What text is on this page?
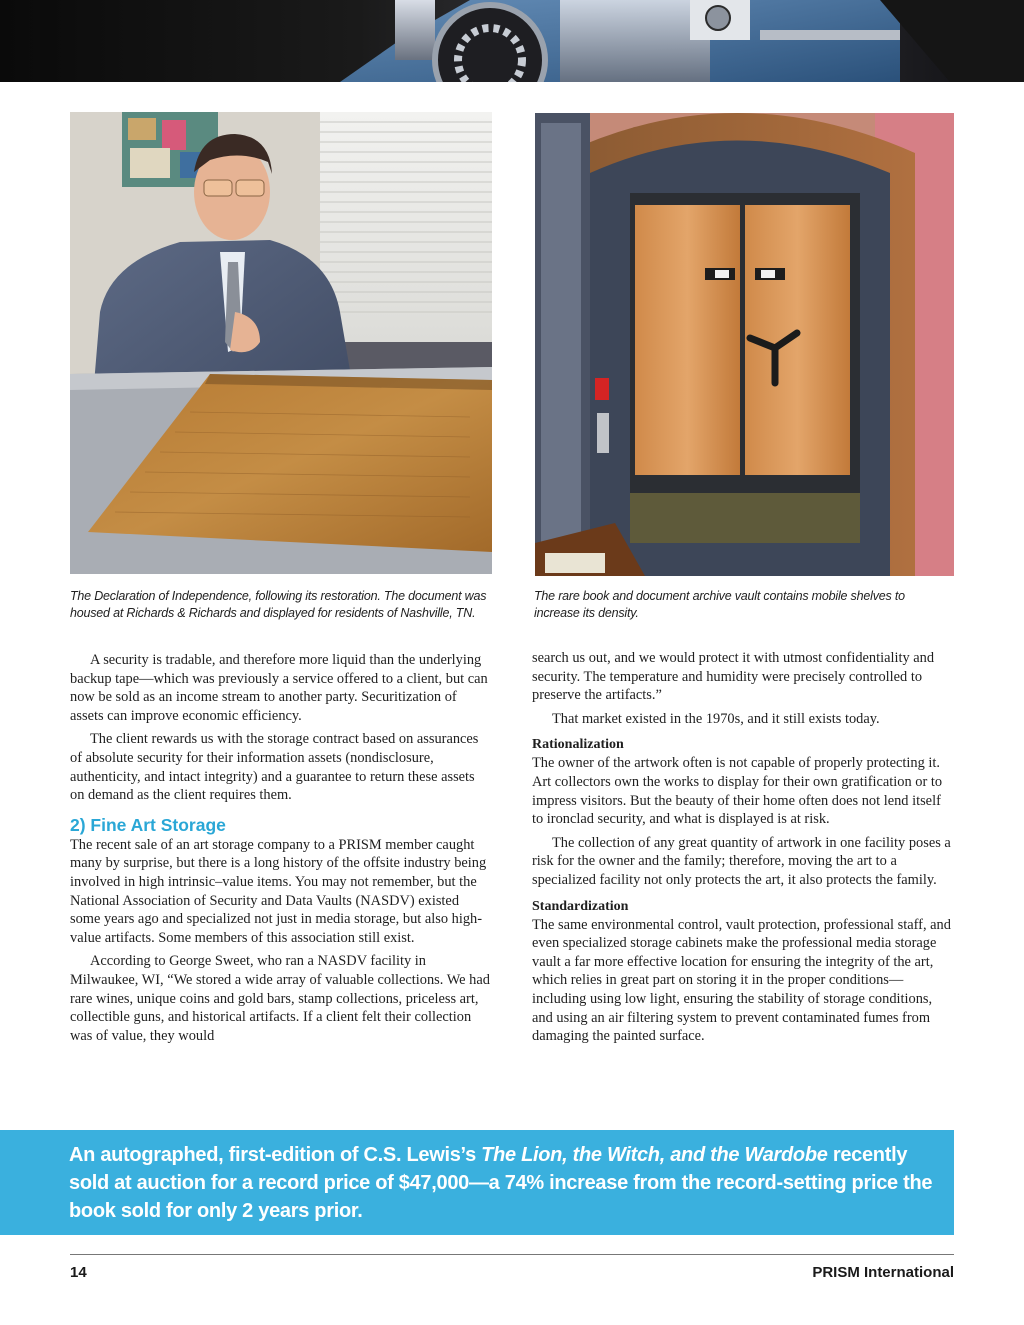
The Declaration of Independence, following its restoration. The document was housed at Richards & Richards and displayed for residents of Nashville, TN.
The rare book and document archive vault contains mobile shelves to increase its density.

A security is tradable, and therefore more liquid than the underlying backup tape—which was previously a service offered to a client, but can now be sold as an income stream to another party. Securitization of assets can improve economic efficiency.

The client rewards us with the storage contract based on assurances of absolute security for their information assets (nondisclosure, authenticity, and intact integrity) and a guarantee to return these assets on demand as the client requires them.

2) Fine Art Storage

The recent sale of an art storage company to a PRISM member caught many by surprise, but there is a long history of the offsite industry being involved in high intrinsic–value items. You may not remember, but the National Association of Security and Data Vaults (NASDV) existed some years ago and specialized not just in media storage, but also high-value artifacts. Some members of this association still exist.

According to George Sweet, who ran a NASDV facility in Milwaukee, WI, “We stored a wide array of valuable collections. We had rare wines, unique coins and gold bars, stamp collections, priceless art, collectible guns, and historical artifacts. If a client felt their collection was of value, they would

search us out, and we would protect it with utmost confidentiality and security. The temperature and humidity were precisely controlled to preserve the artifacts.”

That market existed in the 1970s, and it still exists today.

Rationalization

The owner of the artwork often is not capable of properly protecting it. Art collectors own the works to display for their own gratification or to impress visitors. But the beauty of their home often does not lend itself to ironclad security, and what is displayed is at risk.

The collection of any great quantity of artwork in one facility poses a risk for the owner and the family; therefore, moving the art to a specialized facility not only protects the art, it also protects the family.

Standardization

The same environmental control, vault protection, professional staff, and even specialized storage cabinets make the professional media storage vault a far more effective location for ensuring the integrity of the art, which relies in great part on storing it in the proper conditions—including using low light, ensuring the stability of storage conditions, and using an air filtering system to prevent contaminated fumes from damaging the painted surface.

An autographed, first-edition of C.S. Lewis’s The Lion, the Witch, and the Wardobe recently sold at auction for a record price of $47,000—a 74% increase from the record-setting price the book sold for only 2 years prior.
14	PRISM International
